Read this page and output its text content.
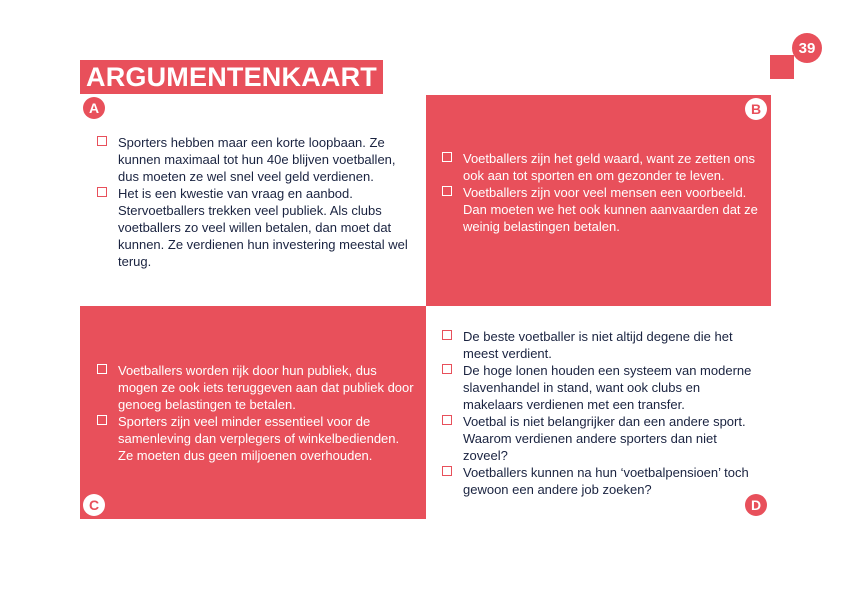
39
ARGUMENTENKAART
A
Sporters hebben maar een korte loopbaan. Ze kunnen maximaal tot hun 40e blijven voetballen, dus moeten ze wel snel veel geld verdienen.
Het is een kwestie van vraag en aanbod. Stervoetballers trekken veel publiek. Als clubs voetballers zo veel willen betalen, dan moet dat kunnen. Ze verdienen hun investering meestal wel terug.
B
Voetballers zijn het geld waard, want ze zetten ons ook aan tot sporten en om gezonder te leven.
Voetballers zijn voor veel mensen een voorbeeld. Dan moeten we het ook kunnen aanvaarden dat ze weinig belastingen betalen.
Voetballers worden rijk door hun publiek, dus mogen ze ook iets teruggeven aan dat publiek door genoeg belastingen te betalen.
Sporters zijn veel minder essentieel voor de samenleving dan verplegers of winkelbedienden. Ze moeten dus geen miljoenen overhouden.
C
De beste voetballer is niet altijd degene die het meest verdient.
De hoge lonen houden een systeem van moderne slavenhandel in stand, want ook clubs en makelaars verdienen met een transfer.
Voetbal is niet belangrijker dan een andere sport. Waarom verdienen andere sporters dan niet zoveel?
Voetballers kunnen na hun ‘voetbalpensioen’ toch gewoon een andere job zoeken?
D
